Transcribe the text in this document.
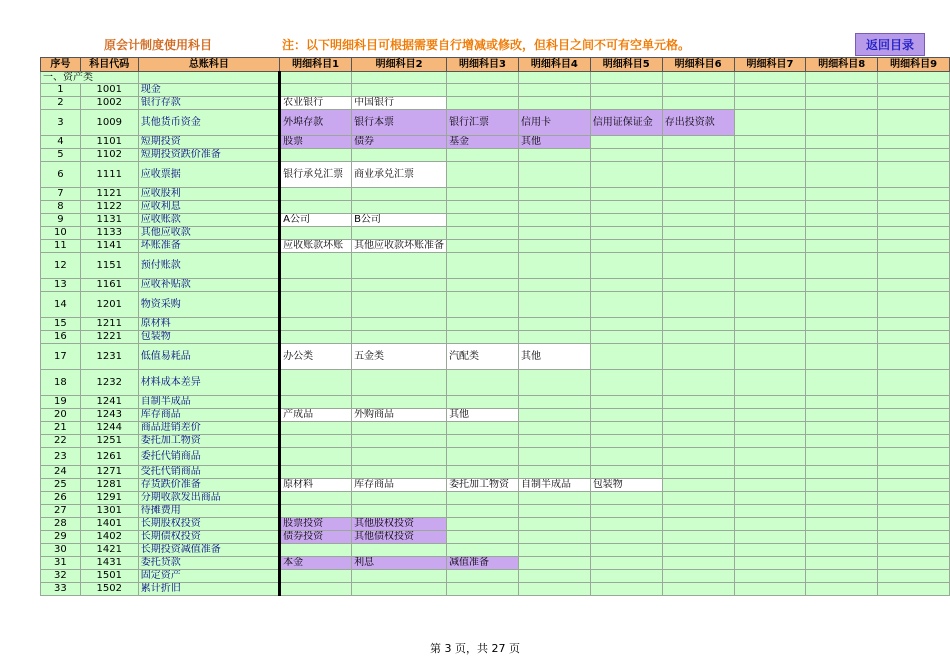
原会计制度使用科目	注：以下明细科目可根据需要自行增减或修改，但科目之间不可有空单元格。	返回目录
序号	科目代码	总账科目	明细科目1	明细科目2	明细科目3	明细科目4	明细科目5	明细科目6	明细科目7	明细科目8	明细科目9
一、资产类											
1	1001	现金									
2	1002	银行存款	农业银行	中国银行							
3	1009	其他货币资金	外埠存款	银行本票	银行汇票	信用卡	信用证保证金	存出投资款			
4	1101	短期投资	股票	债券	基金	其他					
5	1102	短期投资跌价准备									
6	1111	应收票据	银行承兑汇票	商业承兑汇票							
7	1121	应收股利									
8	1122	应收利息									
9	1131	应收账款	A公司	B公司							
10	1133	其他应收款									
11	1141	坏账准备	应收账款坏账	其他应收款坏账准备							
12	1151	预付账款									
13	1161	应收补贴款									
14	1201	物资采购									
15	1211	原材料									
16	1221	包装物									
17	1231	低值易耗品	办公类	五金类	汽配类	其他					
18	1232	材料成本差异									
19	1241	自制半成品									
20	1243	库存商品	产成品	外购商品	其他						
21	1244	商品进销差价									
22	1251	委托加工物资									
23	1261	委托代销商品									
24	1271	受托代销商品									
25	1281	存货跌价准备	原材料	库存商品	委托加工物资	自制半成品	包装物				
26	1291	分期收款发出商品									
27	1301	待摊费用									
28	1401	长期股权投资	股票投资	其他股权投资							
29	1402	长期债权投资	债券投资	其他债权投资							
30	1421	长期投资减值准备									
31	1431	委托贷款	本金	利息	减值准备						
32	1501	固定资产									
33	1502	累计折旧									
第 3 页，共 27 页
